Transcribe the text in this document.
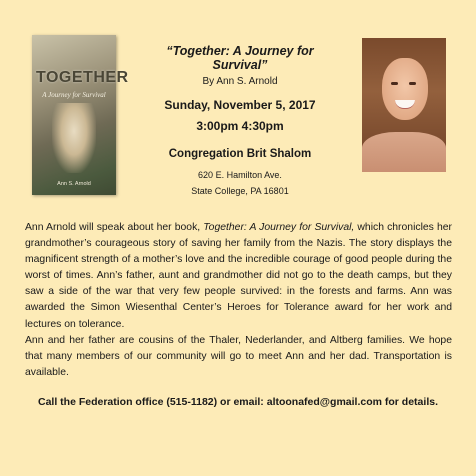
TOGETHER
A Journey for Survival
Ann S. Arnold
“Together: A Journey for Survival”
By Ann S. Arnold
Sunday, November 5, 2017
3:00pm 4:30pm
Congregation Brit Shalom
620 E. Hamilton Ave.
State College, PA 16801
Ann Arnold will speak about her book, Together: A Journey for Survival, which chronicles her grandmother’s courageous story of saving her family from the Nazis. The story displays the magnificent strength of a mother’s love and the incredible courage of good people during the worst of times. Ann’s father, aunt and grandmother did not go to the death camps, but they saw a side of the war that very few people survived: in the forests and farms. Ann was awarded the Simon Wiesenthal Center’s Heroes for Tolerance award for her work and lectures on tolerance.
Ann and her father are cousins of the Thaler, Nederlander, and Altberg families. We hope that many members of our community will go to meet Ann and her dad. Transportation is available.
Call the Federation office (515-1182) or email: altoonafed@gmail.com for details.
